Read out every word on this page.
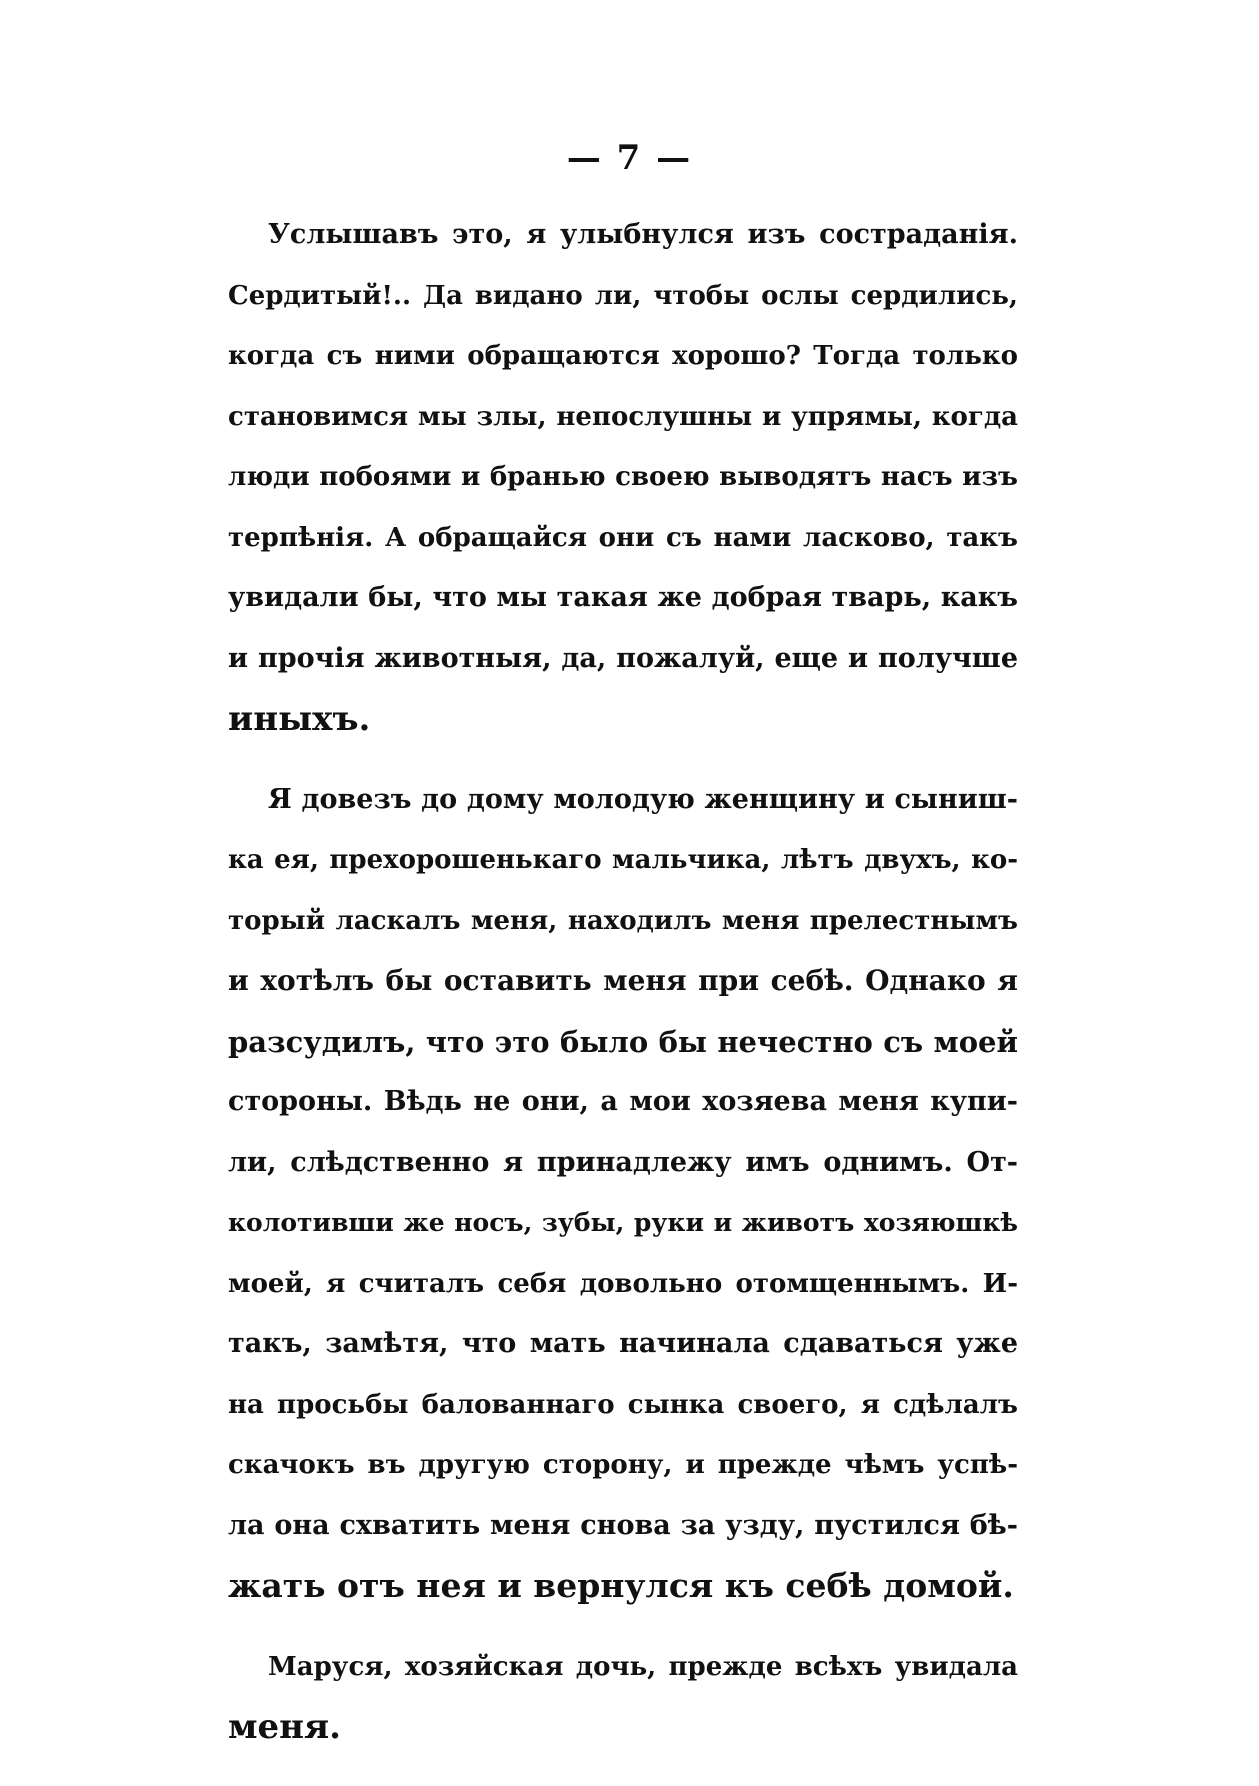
— 7 —
Услышавъ это, я улыбнулся изъ состраданія.
Сердитый!.. Да видано ли, чтобы ослы сердились,
когда съ ними обращаются хорошо? Тогда только
становимся мы злы, непослушны и упрямы, когда
люди побоями и бранью своею выводятъ насъ изъ
терпѣнія. А обращайся они съ нами ласково, такъ
увидали бы, что мы такая же добрая тварь, какъ
и прочія животныя, да, пожалуй, еще и получше
иныхъ.
Я довезъ до дому молодую женщину и сыниш-
ка ея, прехорошенькаго мальчика, лѣтъ двухъ, ко-
торый ласкалъ меня, находилъ меня прелестнымъ
и хотѣлъ бы оставить меня при себѣ. Однако я
разсудилъ, что это было бы нечестно съ моей
стороны. Вѣдь не они, а мои хозяева меня купи-
ли, слѣдственно я принадлежу имъ однимъ. От-
колотивши же носъ, зубы, руки и животъ хозяюшкѣ
моей, я считалъ себя довольно отомщеннымъ. И-
такъ, замѣтя, что мать начинала сдаваться уже
на просьбы балованнаго сынка своего, я сдѣлалъ
скачокъ въ другую сторону, и прежде чѣмъ успѣ-
ла она схватить меня снова за узду, пустился бѣ-
жать отъ нея и вернулся къ себѣ домой.
Маруся, хозяйская дочь, прежде всѣхъ увидала
меня.
